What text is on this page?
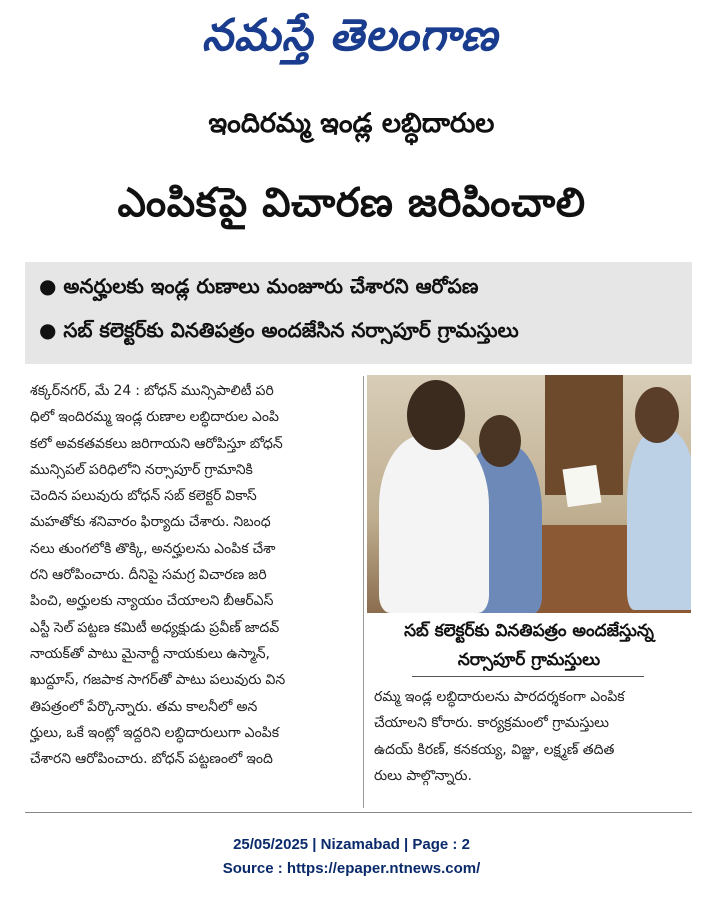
నమస్తే తెలంగాణ
ఇందిరమ్మ ఇండ్ల లబ్ధిదారుల
ఎంపికపై విచారణ జరిపించాలి
● అనర్హులకు ఇండ్ల రుణాలు మంజూరు చేశారని ఆరోపణ
● సబ్ కలెక్టర్‌కు వినతిపత్రం అందజేసిన నర్సాపూర్ గ్రామస్తులు
శక్కర్‌నగర్, మే 24 : బోధన్ మున్సిపాలిటీ పరి
ధిలో ఇందిరమ్మ ఇండ్ల రుణాల లబ్ధిదారుల ఎంపి
కలో అవకతవకలు జరిగాయని ఆరోపిస్తూ బోధన్
మున్సిపల్ పరిధిలోని నర్సాపూర్ గ్రామానికి
చెందిన పలువురు బోధన్ సబ్ కలెక్టర్ వికాస్
మహతోకు శనివారం ఫిర్యాదు చేశారు. నిబంధ
నలు తుంగలోకి తొక్కి, అనర్హులను ఎంపిక చేశా
రని ఆరోపించారు. దీనిపై సమగ్ర విచారణ జరి
పించి, అర్హులకు న్యాయం చేయాలని బీఆర్‌ఎస్
ఎస్టీ సెల్ పట్టణ కమిటీ అధ్యక్షుడు ప్రవీణ్ జాదవ్
నాయక్‌తో పాటు మైనార్టీ నాయకులు ఉస్మాన్,
ఖుద్దూస్, గజపాక సాగర్‌తో పాటు పలువురు విన
తిపత్రంలో పేర్కొన్నారు. తమ కాలనీలో అన
ర్హులు, ఒకే ఇంట్లో ఇద్దరిని లబ్ధిదారులుగా ఎంపిక
చేశారని ఆరోపించారు. బోధన్ పట్టణంలో ఇంది
సబ్ కలెక్టర్‌కు వినతిపత్రం అందజేస్తున్న
నర్సాపూర్ గ్రామస్తులు
రమ్మ ఇండ్ల లబ్ధిదారులను పారదర్శకంగా ఎంపిక
చేయాలని కోరారు. కార్యక్రమంలో గ్రామస్తులు
ఉదయ్ కిరణ్, కనకయ్య, విజ్జు, లక్ష్మణ్ తదిత
రులు పాల్గొన్నారు.
25/05/2025 | Nizamabad | Page : 2
Source : https://epaper.ntnews.com/
